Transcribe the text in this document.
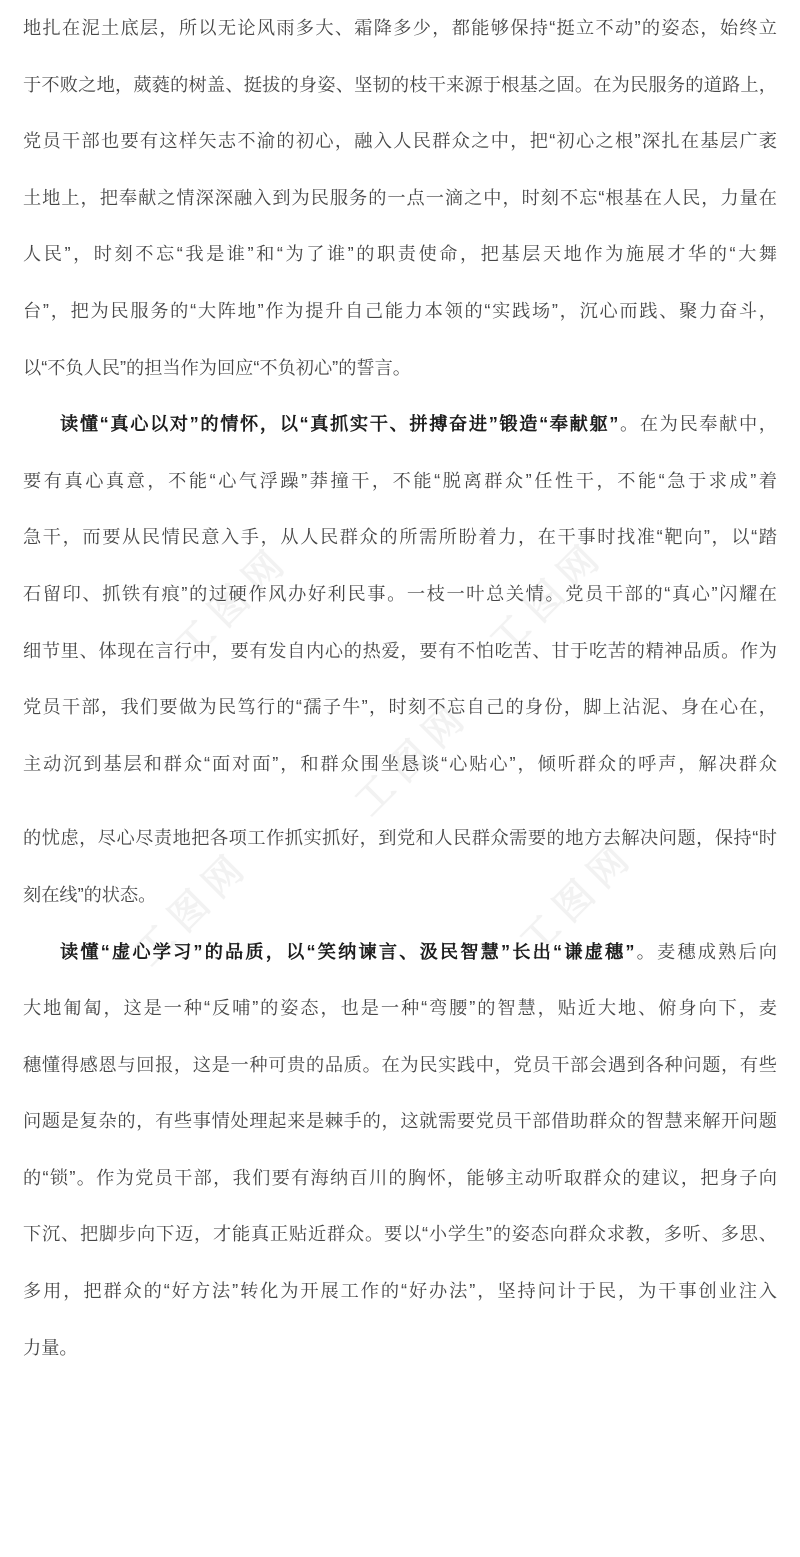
工图网	工图网
工图网
工图网	工图网
地扎在泥土底层，所以无论风雨多大、霜降多少，都能够保持“挺立不动”的姿态，始终立
于不败之地，葳蕤的树盖、挺拔的身姿、坚韧的枝干来源于根基之固。在为民服务的道路上，
党员干部也要有这样矢志不渝的初心，融入人民群众之中，把“初心之根”深扎在基层广袤
土地上，把奉献之情深深融入到为民服务的一点一滴之中，时刻不忘“根基在人民，力量在
人民”，时刻不忘“我是谁”和“为了谁”的职责使命，把基层天地作为施展才华的“大舞
台”，把为民服务的“大阵地”作为提升自己能力本领的“实践场”，沉心而践、聚力奋斗，
以“不负人民”的担当作为回应“不负初心”的誓言。
读懂“真心以对”的情怀，以“真抓实干、拼搏奋进”锻造“奉献躯”。在为民奉献中，
要有真心真意，不能“心气浮躁”莽撞干，不能“脱离群众”任性干，不能“急于求成”着
急干，而要从民情民意入手，从人民群众的所需所盼着力，在干事时找准“靶向”，以“踏
石留印、抓铁有痕”的过硬作风办好利民事。一枝一叶总关情。党员干部的“真心”闪耀在
细节里、体现在言行中，要有发自内心的热爱，要有不怕吃苦、甘于吃苦的精神品质。作为
党员干部，我们要做为民笃行的“孺子牛”，时刻不忘自己的身份，脚上沾泥、身在心在，
主动沉到基层和群众“面对面”，和群众围坐恳谈“心贴心”，倾听群众的呼声，解决群众
的忧虑，尽心尽责地把各项工作抓实抓好，到党和人民群众需要的地方去解决问题，保持“时
刻在线”的状态。
读懂“虚心学习”的品质，以“笑纳谏言、汲民智慧”长出“谦虚穗”。麦穗成熟后向
大地匍匐，这是一种“反哺”的姿态，也是一种“弯腰”的智慧，贴近大地、俯身向下，麦
穗懂得感恩与回报，这是一种可贵的品质。在为民实践中，党员干部会遇到各种问题，有些
问题是复杂的，有些事情处理起来是棘手的，这就需要党员干部借助群众的智慧来解开问题
的“锁”。作为党员干部，我们要有海纳百川的胸怀，能够主动听取群众的建议，把身子向
下沉、把脚步向下迈，才能真正贴近群众。要以“小学生”的姿态向群众求教，多听、多思、
多用，把群众的“好方法”转化为开展工作的“好办法”，坚持问计于民，为干事创业注入
力量。
